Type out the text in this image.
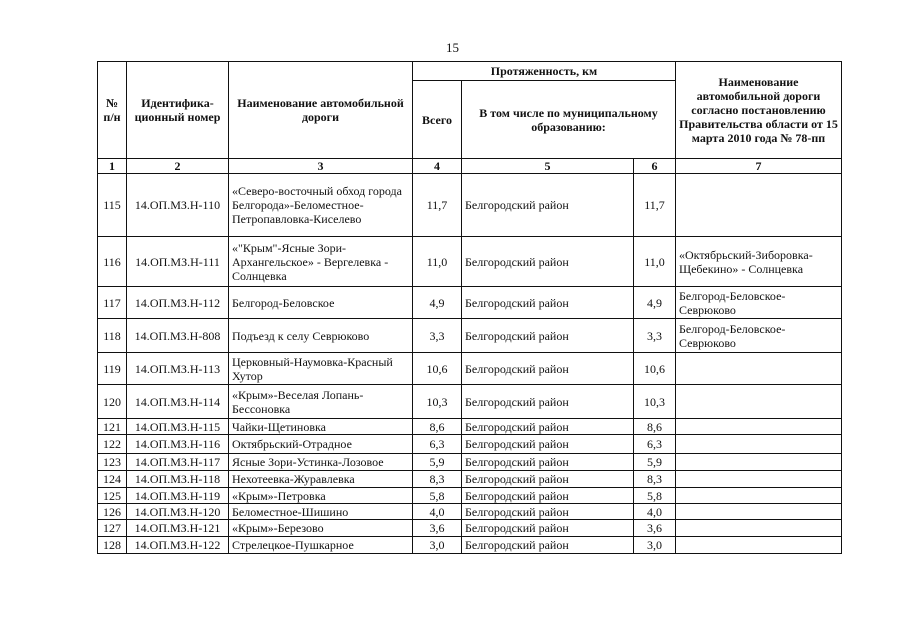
15
№ п/н	Идентифика-ционный номер	Наименование автомобильной дороги	Протяженность, км			Наименование автомобильной дороги согласно постановлению Правительства области от 15 марта 2010 года № 78-пп
			Всего	В том числе по муниципальному образованию:		
1	2	3	4	5	6	7
115	14.ОП.МЗ.Н-110	«Северо-восточный обход города Белгорода»-Беломестное-Петропавловка-Киселево	11,7	Белгородский район	11,7	
116	14.ОП.МЗ.Н-111	«"Крым"-Ясные Зори-Архангельское» - Вергелевка - Солнцевка	11,0	Белгородский район	11,0	«Октябрьский-Зиборовка-Щебекино» - Солнцевка
117	14.ОП.МЗ.Н-112	Белгород-Беловское	4,9	Белгородский район	4,9	Белгород-Беловское-Севрюково
118	14.ОП.МЗ.Н-808	Подъезд к селу Севрюково	3,3	Белгородский район	3,3	Белгород-Беловское-Севрюково
119	14.ОП.МЗ.Н-113	Церковный-Наумовка-Красный Хутор	10,6	Белгородский район	10,6	
120	14.ОП.МЗ.Н-114	«Крым»-Веселая Лопань-Бессоновка	10,3	Белгородский район	10,3	
121	14.ОП.МЗ.Н-115	Чайки-Щетиновка	8,6	Белгородский район	8,6	
122	14.ОП.МЗ.Н-116	Октябрьский-Отрадное	6,3	Белгородский район	6,3	
123	14.ОП.МЗ.Н-117	Ясные Зори-Устинка-Лозовое	5,9	Белгородский район	5,9	
124	14.ОП.МЗ.Н-118	Нехотеевка-Журавлевка	8,3	Белгородский район	8,3	
125	14.ОП.МЗ.Н-119	«Крым»-Петровка	5,8	Белгородский район	5,8	
126	14.ОП.МЗ.Н-120	Беломестное-Шишино	4,0	Белгородский район	4,0	
127	14.ОП.МЗ.Н-121	«Крым»-Березово	3,6	Белгородский район	3,6	
128	14.ОП.МЗ.Н-122	Стрелецкое-Пушкарное	3,0	Белгородский район	3,0	
